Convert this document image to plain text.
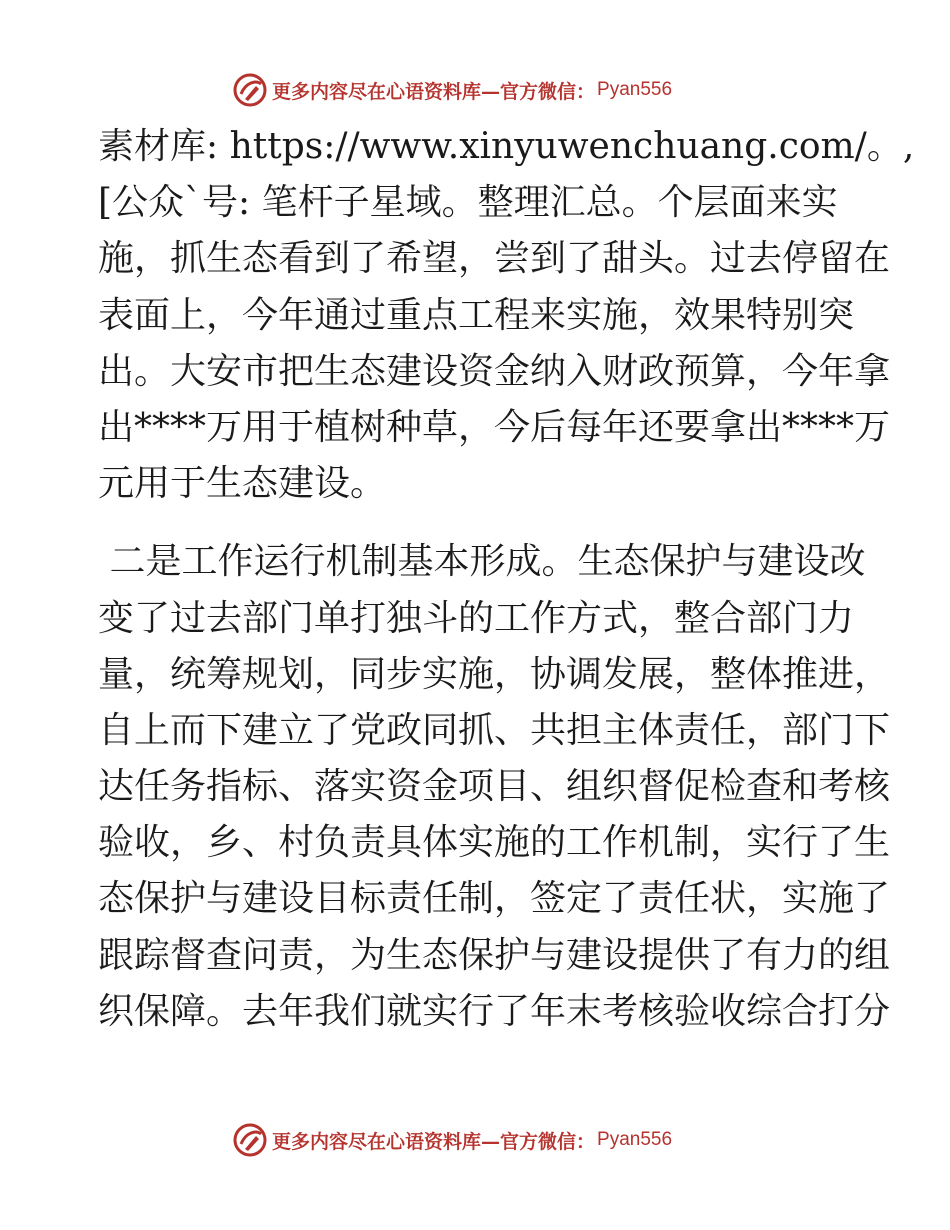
更多内容尽在心语资料库—官方微信： Pyan556
素材库: https://www.xinyuwenchuang.com/。,
[公众`号: 笔杆子星域。整理汇总。个层面来实
施，抓生态看到了希望，尝到了甜头。过去停留在
表面上，今年通过重点工程来实施，效果特别突
出。大安市把生态建设资金纳入财政预算，今年拿
出****万用于植树种草，今后每年还要拿出****万
元用于生态建设。
二是工作运行机制基本形成。生态保护与建设改
变了过去部门单打独斗的工作方式，整合部门力
量，统筹规划，同步实施，协调发展，整体推进，
自上而下建立了党政同抓、共担主体责任，部门下
达任务指标、落实资金项目、组织督促检查和考核
验收，乡、村负责具体实施的工作机制，实行了生
态保护与建设目标责任制，签定了责任状，实施了
跟踪督查问责，为生态保护与建设提供了有力的组
织保障。去年我们就实行了年末考核验收综合打分
更多内容尽在心语资料库—官方微信： Pyan556
